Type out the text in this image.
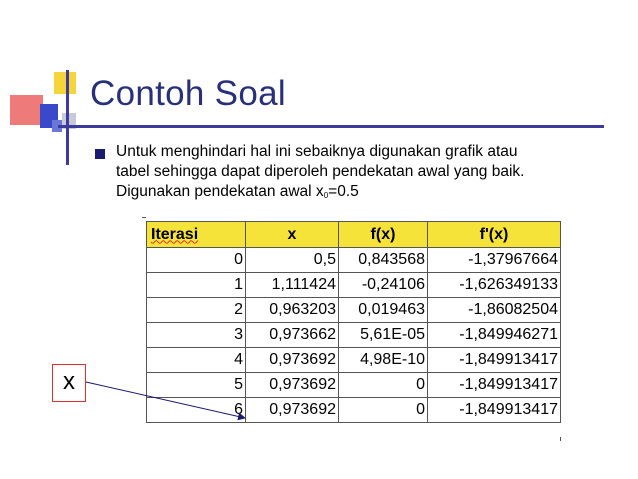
Contoh Soal
Untuk menghindari hal ini sebaiknya digunakan grafik atau
tabel sehingga dapat diperoleh pendekatan awal yang baik.
Digunakan pendekatan awal $x_0=0.5$
Iterasi	x	f(x)	f'(x)
0	0,5	0,843568	-1,37967664
1	1,111424	-0,24106	-1,626349133
2	0,963203	0,019463	-1,86082504
3	0,973662	5,61E-05	-1,849946271
4	0,973692	4,98E-10	-1,849913417
5	0,973692	0	-1,849913417
6	0,973692	0	-1,849913417
x
